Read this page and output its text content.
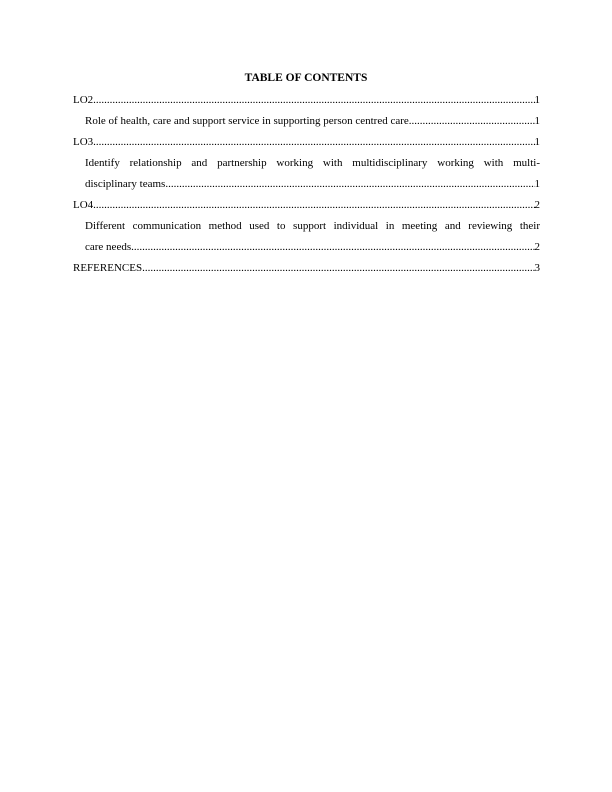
TABLE OF CONTENTS
LO2 .....	1
Role of health, care and support service in supporting person centred care .....	1
LO3 .....	1
Identify relationship and partnership working with multidisciplinary working with multi-
disciplinary teams .....	1
LO4 .....	2
Different communication method used to support individual in meeting and reviewing their
care needs .....	2
REFERENCES .....	3
